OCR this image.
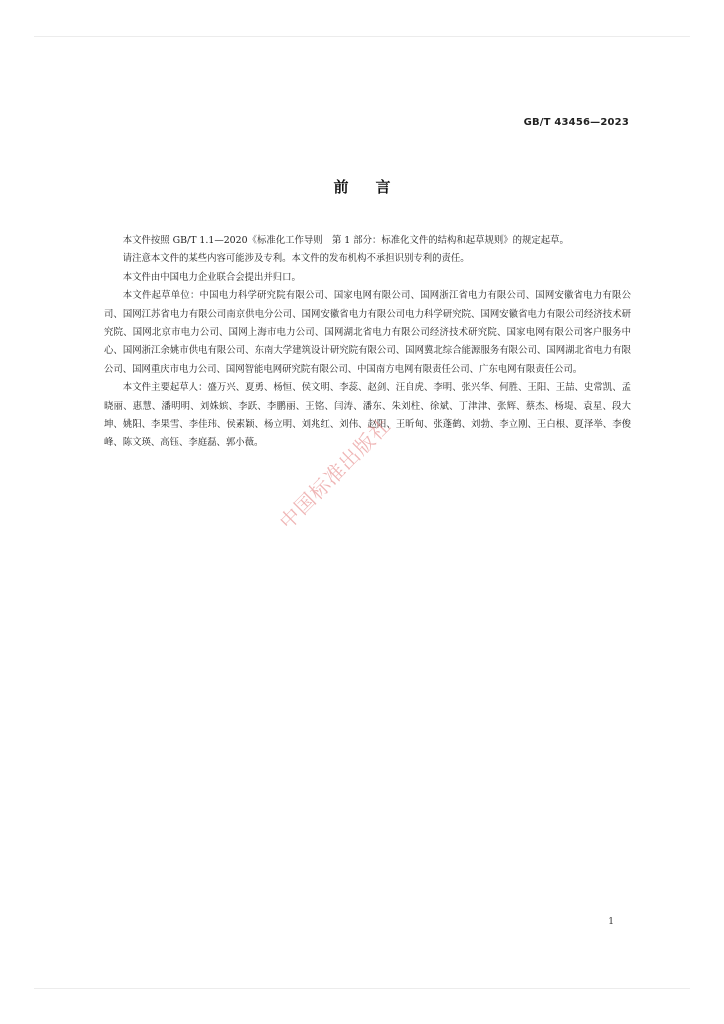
GB/T 43456—2023
前言

本文件按照 GB/T 1.1—2020《标准化工作导则　第 1 部分：标准化文件的结构和起草规则》的规定起草。

请注意本文件的某些内容可能涉及专利。本文件的发布机构不承担识别专利的责任。

本文件由中国电力企业联合会提出并归口。

本文件起草单位：中国电力科学研究院有限公司、国家电网有限公司、国网浙江省电力有限公司、国网安徽省电力有限公司、国网江苏省电力有限公司南京供电分公司、国网安徽省电力有限公司电力科学研究院、国网安徽省电力有限公司经济技术研究院、国网北京市电力公司、国网上海市电力公司、国网湖北省电力有限公司经济技术研究院、国家电网有限公司客户服务中心、国网浙江余姚市供电有限公司、东南大学建筑设计研究院有限公司、国网冀北综合能源服务有限公司、国网湖北省电力有限公司、国网重庆市电力公司、国网智能电网研究院有限公司、中国南方电网有限责任公司、广东电网有限责任公司。

本文件主要起草人：盛万兴、夏勇、杨恒、侯文明、李蕊、赵剑、汪自虎、李明、张兴华、何胜、王阳、王喆、史常凯、孟晓丽、惠慧、潘明明、刘姝嫔、李跃、李鹏丽、王铭、闫涛、潘东、朱刘柱、徐斌、丁津津、张辉、蔡杰、杨堤、袁星、段大坤、姚阳、李果雪、李佳玮、侯素颖、杨立明、刘兆红、刘伟、赵阳、王昕甸、张蓬鹤、刘勃、李立刚、王白根、夏泽举、李俊峰、陈文瑛、高钰、李庭磊、郭小薇。 中国标准出版社
1
